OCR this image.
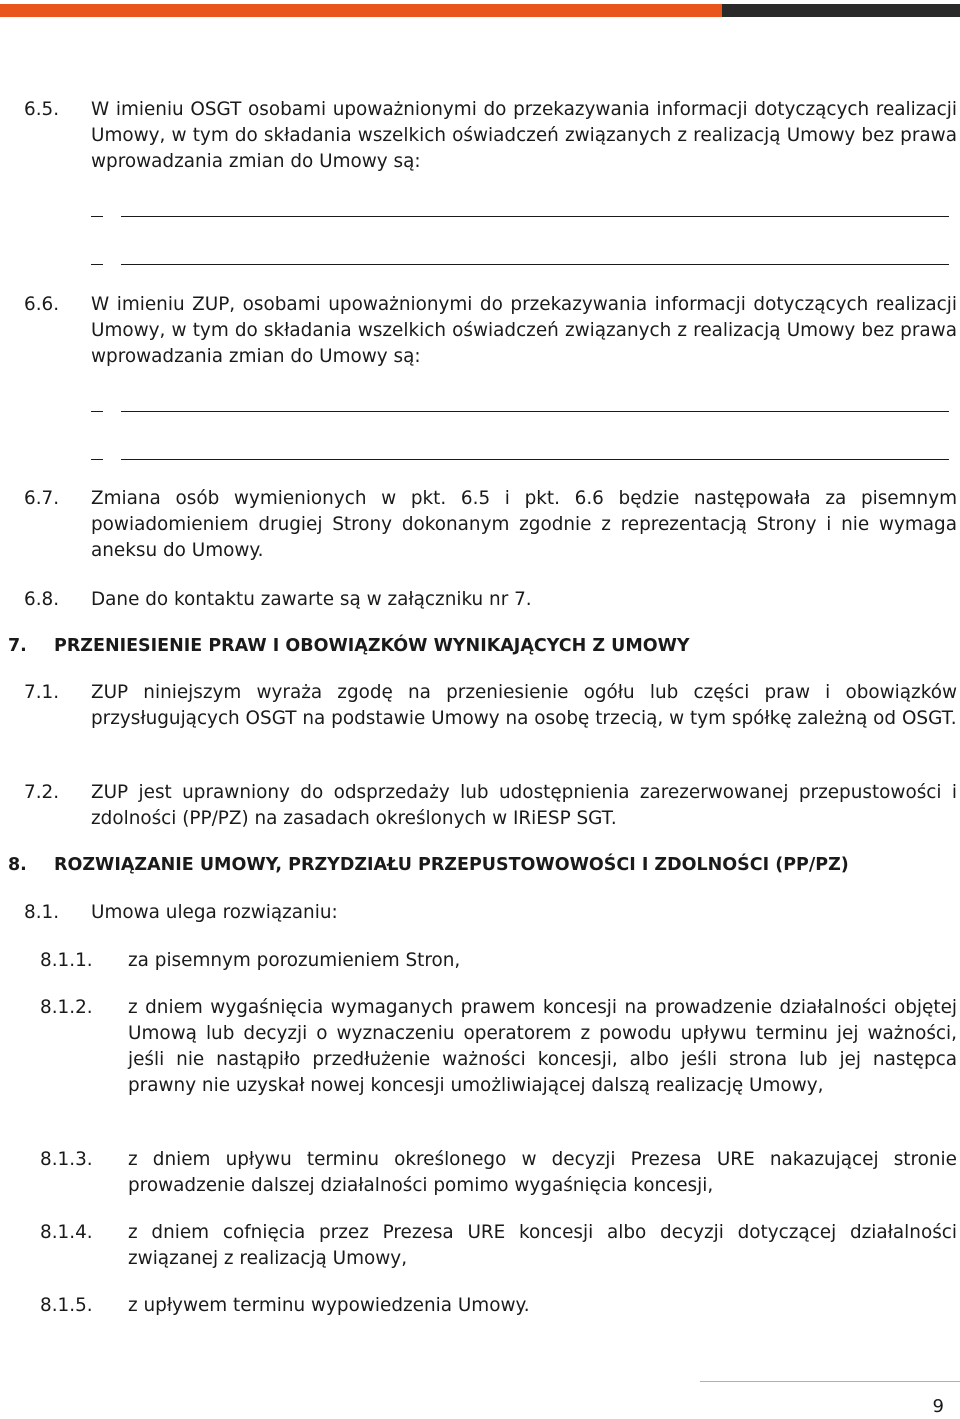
6.5. W imieniu OSGT osobami upoważnionymi do przekazywania informacji dotyczących realizacji Umowy, w tym do składania wszelkich oświadczeń związanych z realizacją Umowy bez prawa wprowadzania zmian do Umowy są:
6.6. W imieniu ZUP, osobami upoważnionymi do przekazywania informacji dotyczących realizacji Umowy, w tym do składania wszelkich oświadczeń związanych z realizacją Umowy bez prawa wprowadzania zmian do Umowy są:
6.7. Zmiana osób wymienionych w pkt. 6.5 i pkt. 6.6 będzie następowała za pisemnym powiadomieniem drugiej Strony dokonanym zgodnie z reprezentacją Strony i nie wymaga aneksu do Umowy.
6.8. Dane do kontaktu zawarte są w załączniku nr 7.
7. PRZENIESIENIE PRAW I OBOWIĄZKÓW WYNIKAJĄCYCH Z UMOWY
7.1. ZUP niniejszym wyraża zgodę na przeniesienie ogółu lub części praw i obowiązków przysługujących OSGT na podstawie Umowy na osobę trzecią, w tym spółkę zależną od OSGT.
7.2. ZUP jest uprawniony do odsprzedaży lub udostępnienia zarezerwowanej przepustowości i zdolności (PP/PZ) na zasadach określonych w IRiESP SGT.
8. ROZWIĄZANIE UMOWY, PRZYDZIAŁU PRZEPUSTOWOWOŚCI I ZDOLNOŚCI (PP/PZ)
8.1. Umowa ulega rozwiązaniu:
8.1.1. za pisemnym porozumieniem Stron,
8.1.2. z dniem wygaśnięcia wymaganych prawem koncesji na prowadzenie działalności objętej Umową lub decyzji o wyznaczeniu operatorem z powodu upływu terminu jej ważności, jeśli nie nastąpiło przedłużenie ważności koncesji, albo jeśli strona lub jej następca prawny nie uzyskał nowej koncesji umożliwiającej dalszą realizację Umowy,
8.1.3. z dniem upływu terminu określonego w decyzji Prezesa URE nakazującej stronie prowadzenie dalszej działalności pomimo wygaśnięcia koncesji,
8.1.4. z dniem cofnięcia przez Prezesa URE koncesji albo decyzji dotyczącej działalności związanej z realizacją Umowy,
8.1.5. z upływem terminu wypowiedzenia Umowy.
9
